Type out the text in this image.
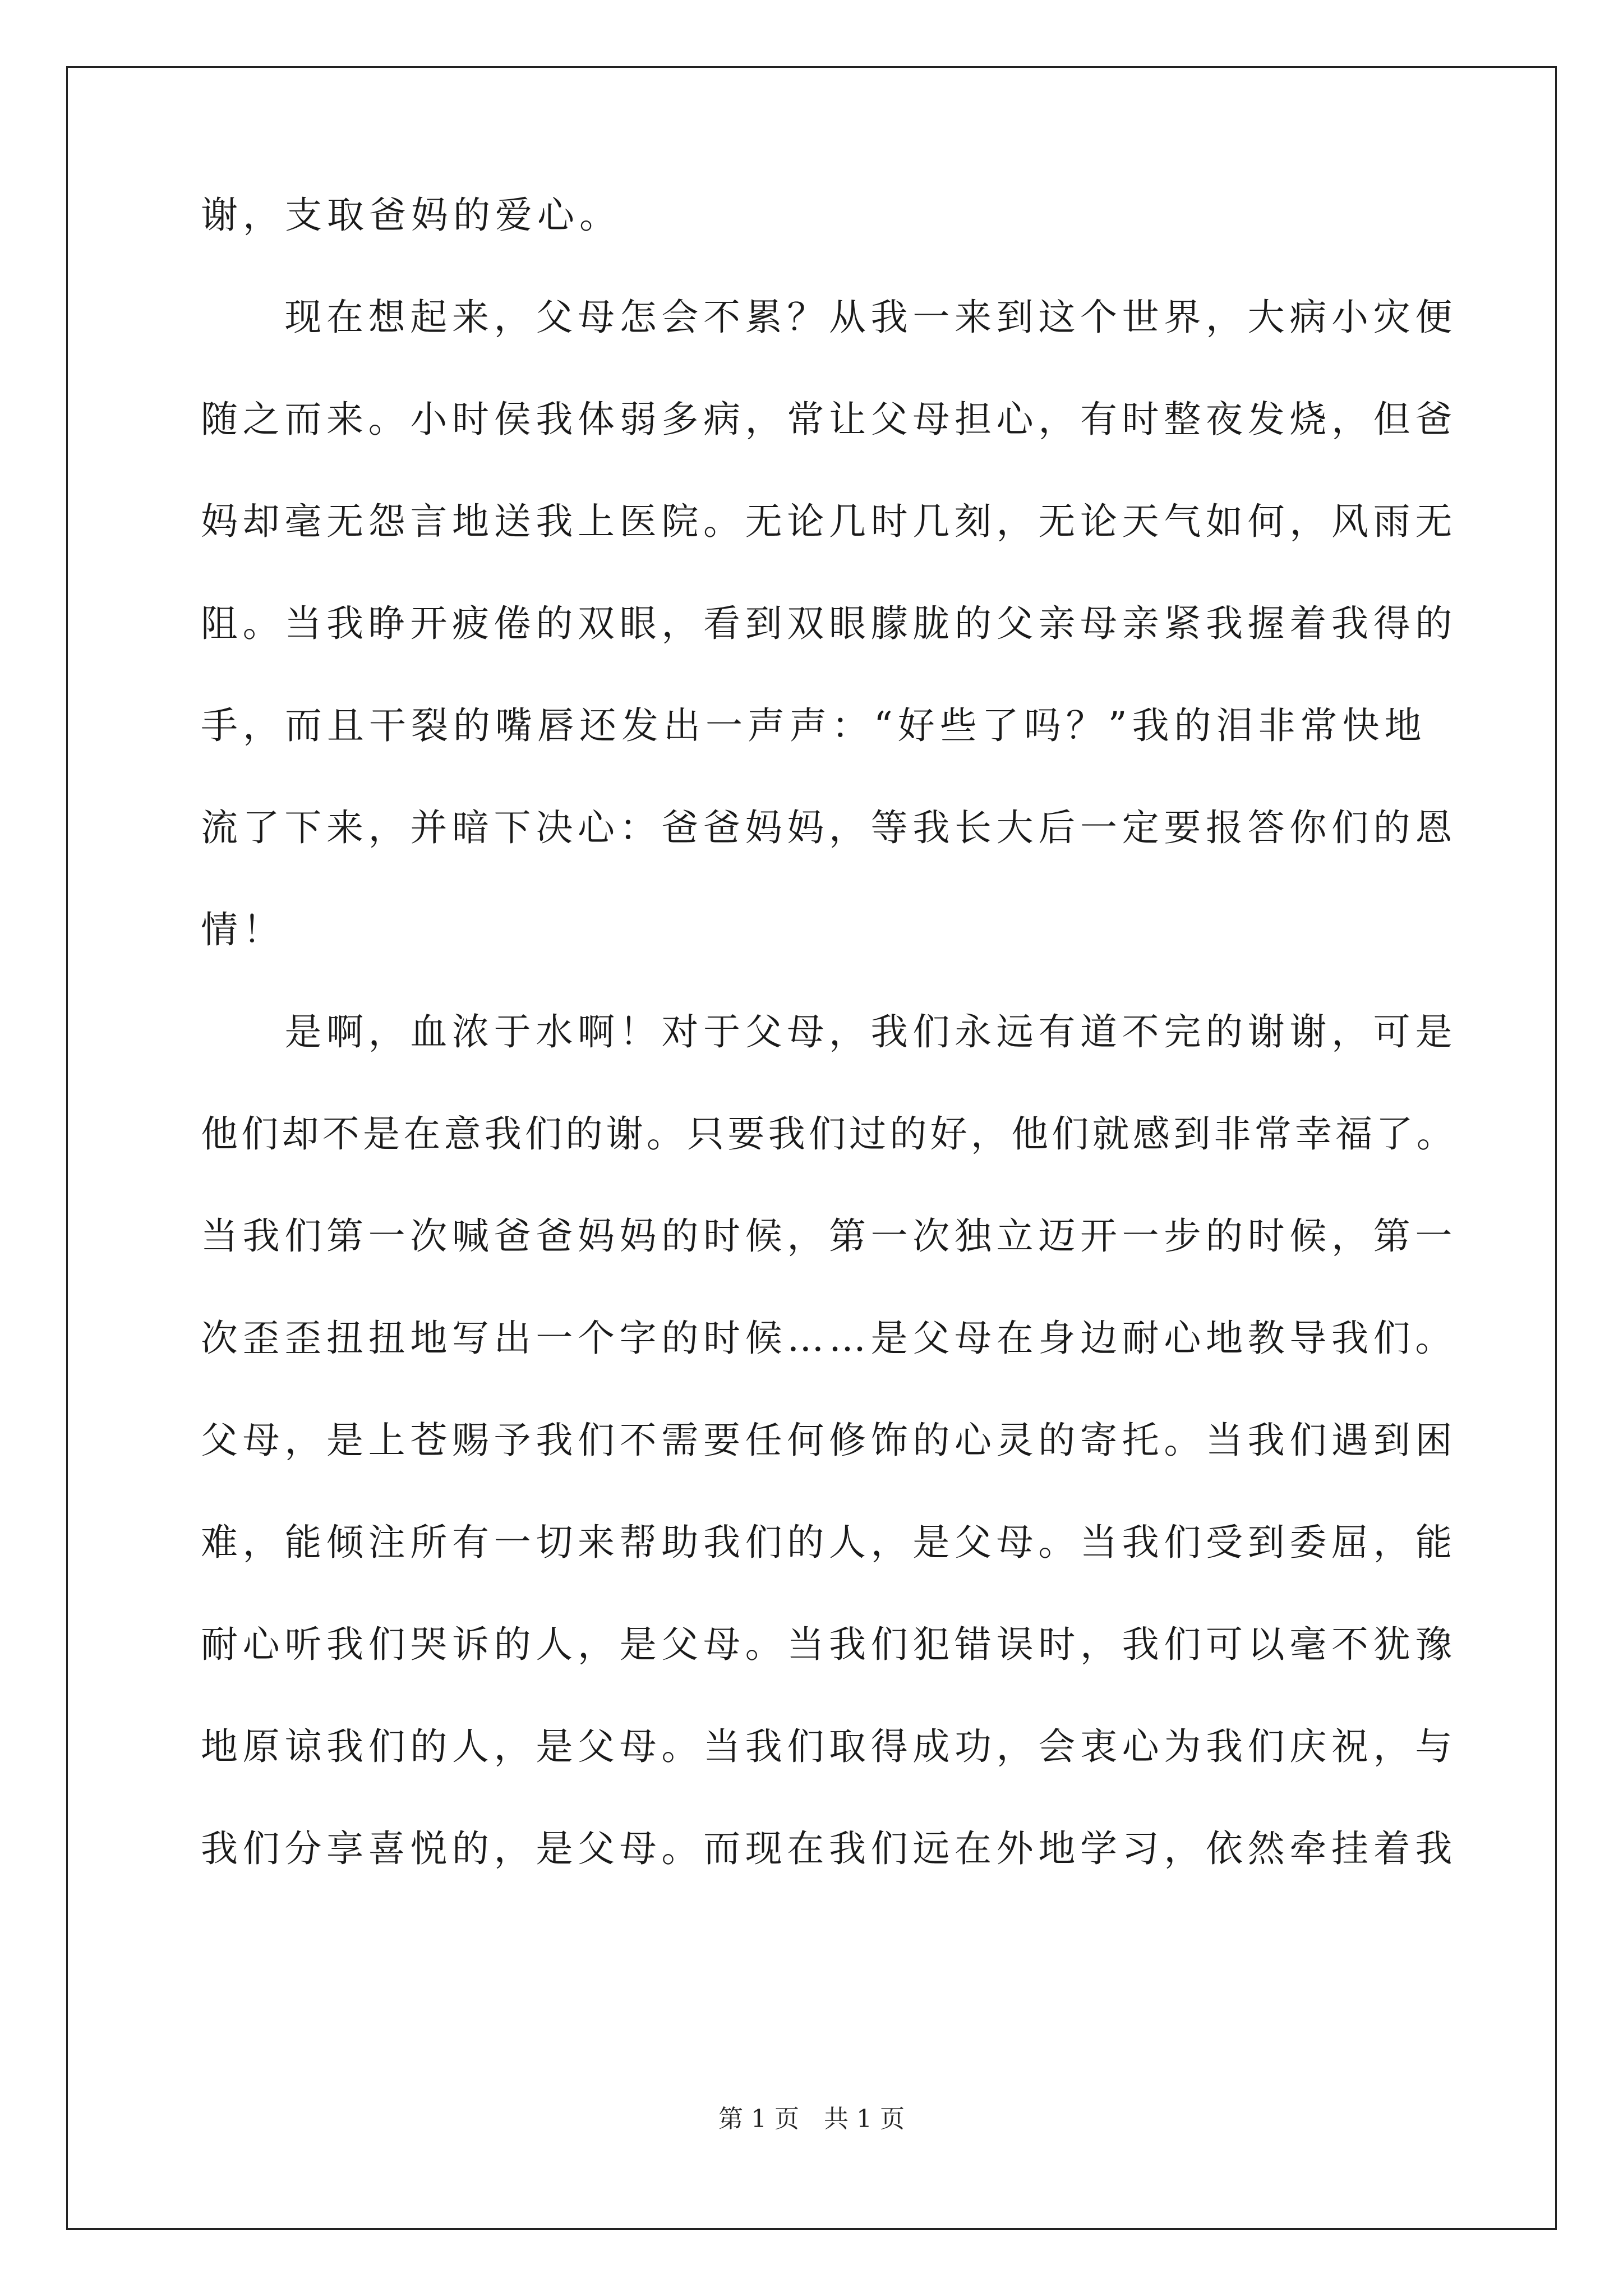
谢，支取爸妈的爱心。
　　现在想起来，父母怎会不累？从我一来到这个世界，大病小灾便
随之而来。小时侯我体弱多病，常让父母担心，有时整夜发烧，但爸
妈却毫无怨言地送我上医院。无论几时几刻，无论天气如何，风雨无
阻。当我睁开疲倦的双眼，看到双眼朦胧的父亲母亲紧我握着我得的
手，而且干裂的嘴唇还发出一声声：“好些了吗？”我的泪非常快地
流了下来，并暗下决心：爸爸妈妈，等我长大后一定要报答你们的恩
情！
　　是啊，血浓于水啊！对于父母，我们永远有道不完的谢谢，可是
他们却不是在意我们的谢。只要我们过的好，他们就感到非常幸福了。
当我们第一次喊爸爸妈妈的时候，第一次独立迈开一步的时候，第一
次歪歪扭扭地写出一个字的时候……是父母在身边耐心地教导我们。
父母，是上苍赐予我们不需要任何修饰的心灵的寄托。当我们遇到困
难，能倾注所有一切来帮助我们的人，是父母。当我们受到委屈，能
耐心听我们哭诉的人，是父母。当我们犯错误时，我们可以毫不犹豫
地原谅我们的人，是父母。当我们取得成功，会衷心为我们庆祝，与
我们分享喜悦的，是父母。而现在我们远在外地学习，依然牵挂着我
第 1 页　共 1 页
